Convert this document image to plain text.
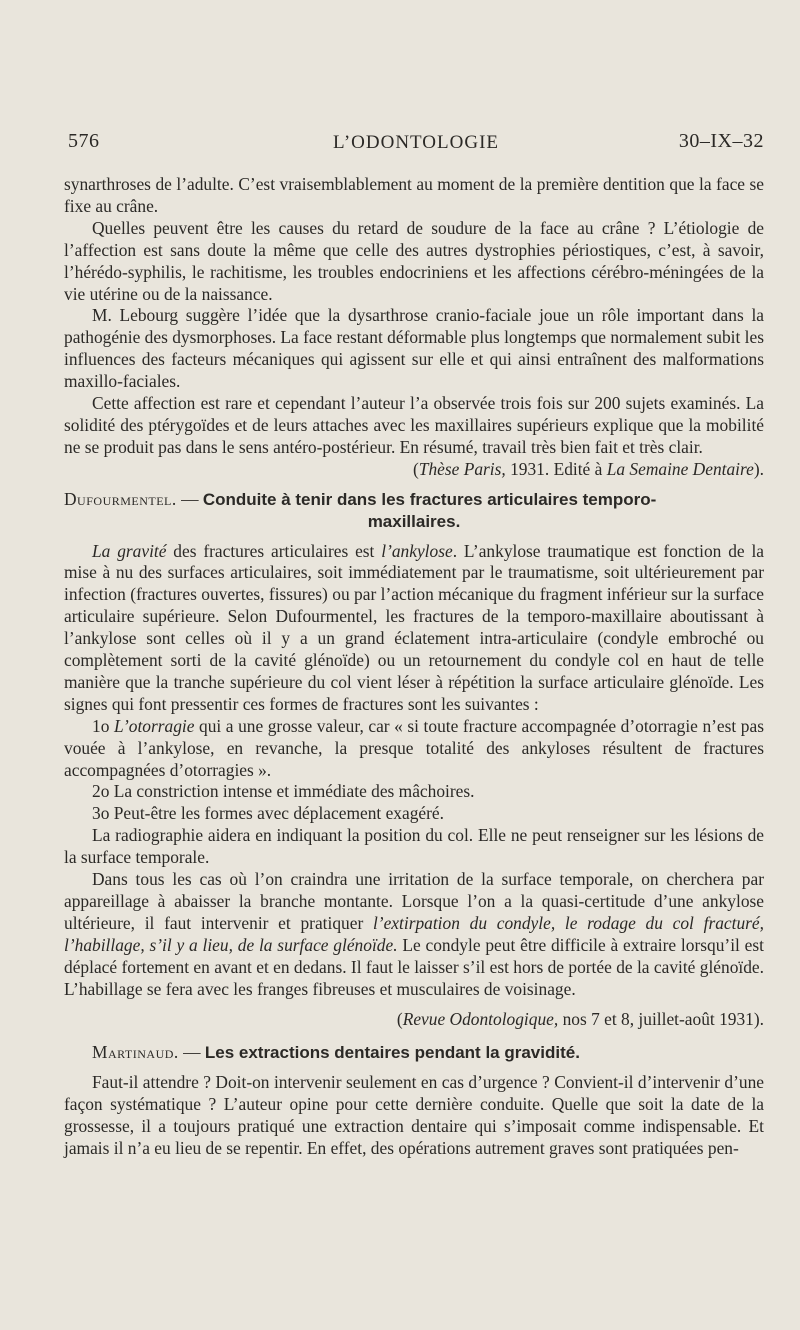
576	L’ODONTOLOGIE	30–IX–32

synarthroses de l’adulte. C’est vraisemblablement au moment de la première dentition que la face se fixe au crâne.

Quelles peuvent être les causes du retard de soudure de la face au crâne ? L’étiologie de l’affection est sans doute la même que celle des autres dystrophies périostiques, c’est, à savoir, l’hérédo-syphilis, le rachitisme, les troubles endocriniens et les affections cérébro-méningées de la vie utérine ou de la naissance.

M. Lebourg suggère l’idée que la dysarthrose cranio-faciale joue un rôle important dans la pathogénie des dysmorphoses. La face restant déformable plus longtemps que normalement subit les influences des facteurs mécaniques qui agissent sur elle et qui ainsi entraînent des malformations maxillo-faciales.

Cette affection est rare et cependant l’auteur l’a observée trois fois sur 200 sujets examinés. La solidité des ptérygoïdes et de leurs attaches avec les maxillaires supérieurs explique que la mobilité ne se produit pas dans le sens antéro-postérieur. En résumé, travail très bien fait et très clair.

(Thèse Paris, 1931. Edité à La Semaine Dentaire).

Dufourmentel. — Conduite à tenir dans les fractures articulaires temporo-

maxillaires.

La gravité des fractures articulaires est l’ankylose. L’ankylose traumatique est fonction de la mise à nu des surfaces articulaires, soit immédiatement par le traumatisme, soit ultérieurement par infection (fractures ouvertes, fissures) ou par l’action mécanique du fragment inférieur sur la surface articulaire supérieure. Selon Dufourmentel, les fractures de la temporo-maxillaire aboutissant à l’ankylose sont celles où il y a un grand éclatement intra-articulaire (condyle embroché ou complètement sorti de la cavité glénoïde) ou un retournement du condyle col en haut de telle manière que la tranche supérieure du col vient léser à répétition la surface articulaire glénoïde. Les signes qui font pressentir ces formes de fractures sont les suivantes :

1o L’otorragie qui a une grosse valeur, car « si toute fracture accompagnée d’otorragie n’est pas vouée à l’ankylose, en revanche, la presque totalité des ankyloses résultent de fractures accompagnées d’otorragies ».

2o La constriction intense et immédiate des mâchoires.

3o Peut-être les formes avec déplacement exagéré.

La radiographie aidera en indiquant la position du col. Elle ne peut renseigner sur les lésions de la surface temporale.

Dans tous les cas où l’on craindra une irritation de la surface temporale, on cherchera par appareillage à abaisser la branche montante. Lorsque l’on a la quasi-certitude d’une ankylose ultérieure, il faut intervenir et pratiquer l’extirpation du condyle, le rodage du col fracturé, l’habillage, s’il y a lieu, de la surface glénoïde. Le condyle peut être difficile à extraire lorsqu’il est déplacé fortement en avant et en dedans. Il faut le laisser s’il est hors de portée de la cavité glénoïde. L’habillage se fera avec les franges fibreuses et musculaires de voisinage.

(Revue Odontologique, nos 7 et 8, juillet-août 1931).

Martinaud. — Les extractions dentaires pendant la gravidité.

Faut-il attendre ? Doit-on intervenir seulement en cas d’urgence ? Convient-il d’intervenir d’une façon systématique ? L’auteur opine pour cette dernière conduite. Quelle que soit la date de la grossesse, il a toujours pratiqué une extraction dentaire qui s’imposait comme indispensable. Et jamais il n’a eu lieu de se repentir. En effet, des opérations autrement graves sont pratiquées pen-
